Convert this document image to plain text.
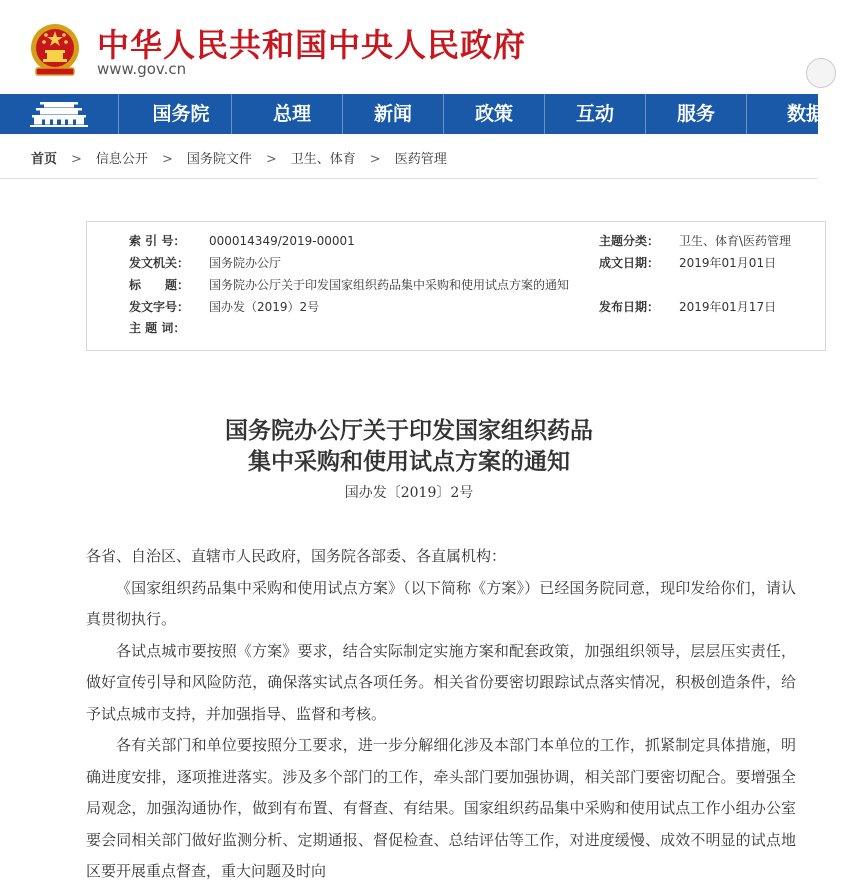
中华人民共和国中央人民政府
www.gov.cn
国务院	总理	新闻	政策	互动	服务	数据
首页 > 信息公开 > 国务院文件 > 卫生、体育 > 医药管理
索 引 号：	000014349/2019-00001	主题分类：	卫生、体育\医药管理
发文机关：	国务院办公厅	成文日期：	2019年01月01日
标　　题：	国务院办公厅关于印发国家组织药品集中采购和使用试点方案的通知
发文字号：	国办发（2019）2号	发布日期：	2019年01月17日
主 题 词：
国务院办公厅关于印发国家组织药品
集中采购和使用试点方案的通知
国办发〔2019〕2号

各省、自治区、直辖市人民政府，国务院各部委、各直属机构：

《国家组织药品集中采购和使用试点方案》（以下简称《方案》）已经国务院同意，现印发给你们，请认真贯彻执行。

各试点城市要按照《方案》要求，结合实际制定实施方案和配套政策，加强组织领导，层层压实责任，做好宣传引导和风险防范，确保落实试点各项任务。相关省份要密切跟踪试点落实情况，积极创造条件，给予试点城市支持，并加强指导、监督和考核。

各有关部门和单位要按照分工要求，进一步分解细化涉及本部门本单位的工作，抓紧制定具体措施，明确进度安排，逐项推进落实。涉及多个部门的工作，牵头部门要加强协调，相关部门要密切配合。要增强全局观念，加强沟通协作，做到有布置、有督查、有结果。国家组织药品集中采购和使用试点工作小组办公室要会同相关部门做好监测分析、定期通报、督促检查、总结评估等工作，对进度缓慢、成效不明显的试点地区要开展重点督查，重大问题及时向
